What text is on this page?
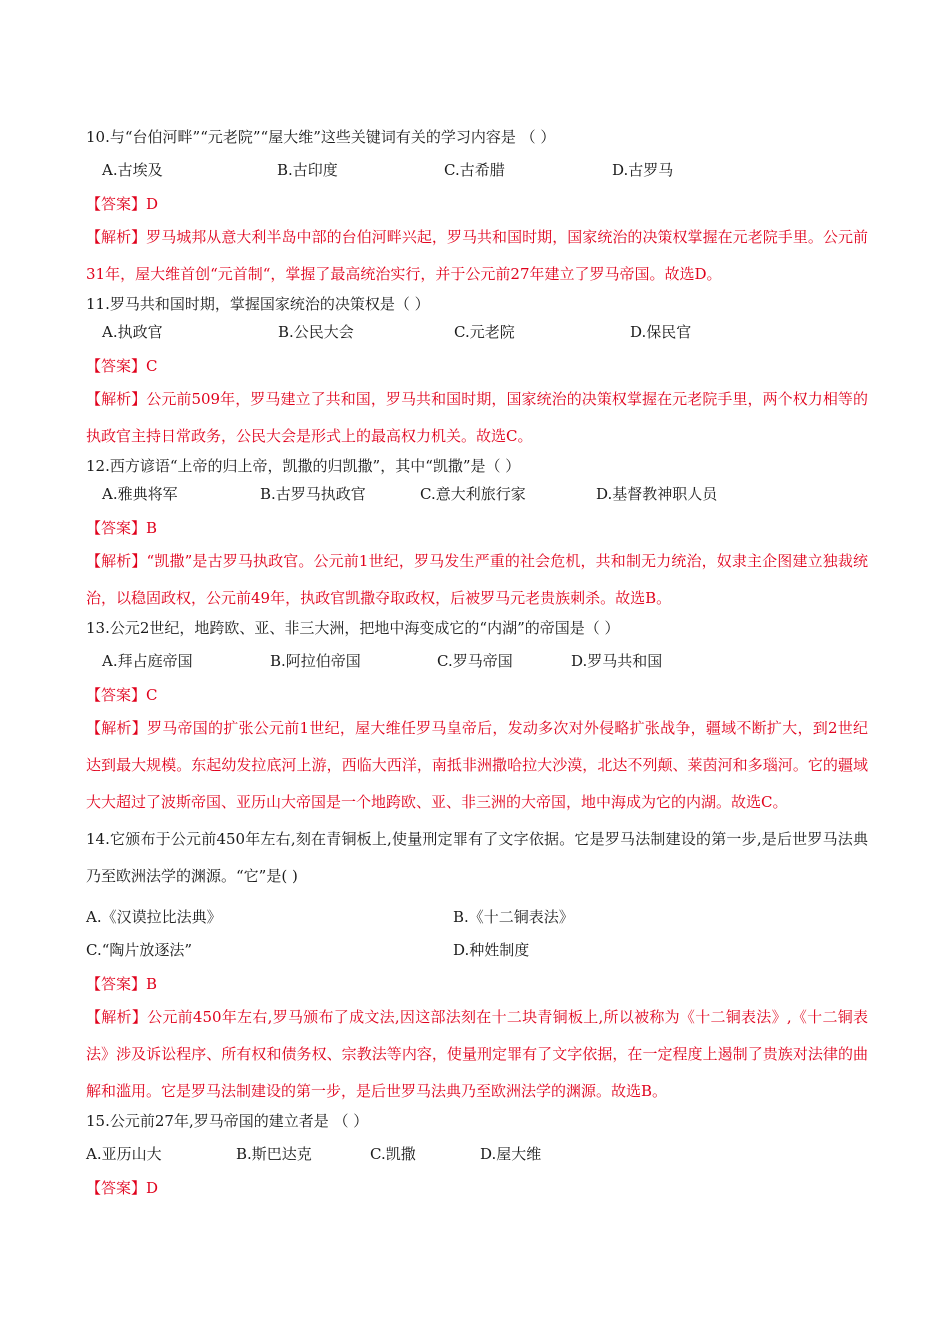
10.与“台伯河畔”“元老院”“屋大维”这些关键词有关的学习内容是 （ ）

A.古埃及	B.古印度	C.古希腊	D.古罗马
【答案】D
【解析】罗马城邦从意大利半岛中部的台伯河畔兴起，罗马共和国时期，国家统治的决策权掌握在元老院手里。公元前31年，屋大维首创“元首制“，掌握了最高统治实行，并于公元前27年建立了罗马帝国。故选D。

11.罗马共和国时期，掌握国家统治的决策权是（ ）

A.执政官	B.公民大会	C.元老院	D.保民官
【答案】C
【解析】公元前509年，罗马建立了共和国，罗马共和国时期，国家统治的决策权掌握在元老院手里，两个权力相等的执政官主持日常政务，公民大会是形式上的最高权力机关。故选C。

12.西方谚语“上帝的归上帝，凯撒的归凯撒”，其中“凯撒”是（ ）

A.雅典将军	B.古罗马执政官	C.意大利旅行家	D.基督教神职人员
【答案】B
【解析】“凯撒”是古罗马执政官。公元前1世纪，罗马发生严重的社会危机，共和制无力统治，奴隶主企图建立独裁统治，以稳固政权，公元前49年，执政官凯撒夺取政权，后被罗马元老贵族刺杀。故选B。

13.公元2世纪，地跨欧、亚、非三大洲，把地中海变成它的“内湖”的帝国是（ ）

A.拜占庭帝国	B.阿拉伯帝国	C.罗马帝国	D.罗马共和国
【答案】C
【解析】罗马帝国的扩张公元前1世纪，屋大维任罗马皇帝后，发动多次对外侵略扩张战争，疆域不断扩大，到2世纪达到最大规模。东起幼发拉底河上游，西临大西洋，南抵非洲撒哈拉大沙漠，北达不列颠、莱茵河和多瑙河。它的疆域大大超过了波斯帝国、亚历山大帝国是一个地跨欧、亚、非三洲的大帝国，地中海成为它的内湖。故选C。

14.它颁布于公元前450年左右,刻在青铜板上,使量刑定罪有了文字依据。它是罗马法制建设的第一步,是后世罗马法典乃至欧洲法学的渊源。“它”是( )

A.《汉谟拉比法典》	B.《十二铜表法》
C.“陶片放逐法”	D.种姓制度
【答案】B
【解析】公元前450年左右,罗马颁布了成文法,因这部法刻在十二块青铜板上,所以被称为《十二铜表法》,《十二铜表法》涉及诉讼程序、所有权和债务权、宗教法等内容，使量刑定罪有了文字依据，在一定程度上遏制了贵族对法律的曲解和滥用。它是罗马法制建设的第一步，是后世罗马法典乃至欧洲法学的渊源。故选B。

15.公元前27年,罗马帝国的建立者是 （ ）

A.亚历山大	B.斯巴达克	C.凯撒	D.屋大维
【答案】D
